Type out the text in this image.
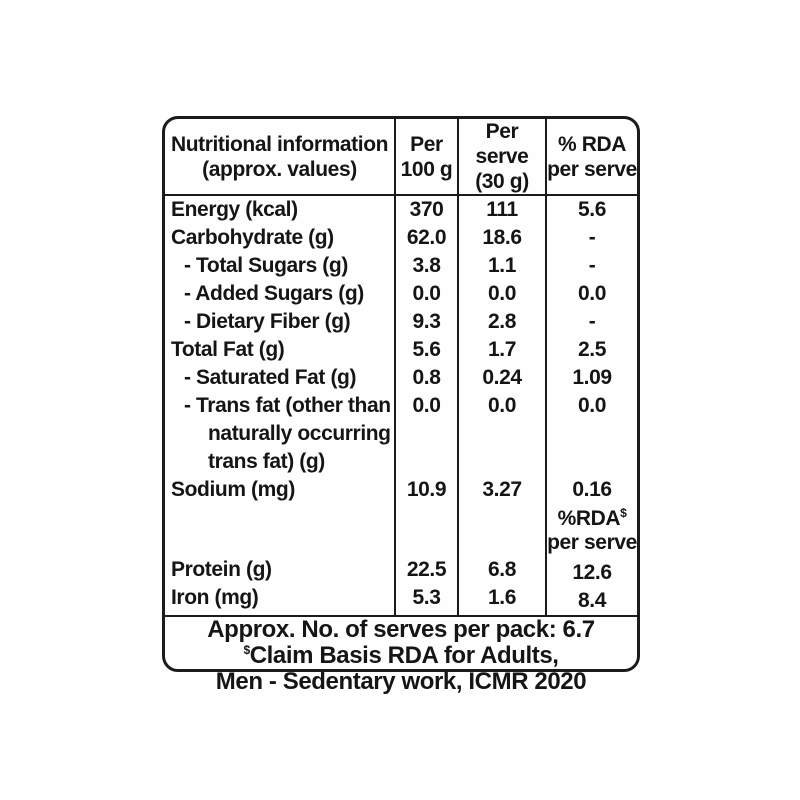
Nutritional information
(approx. values)
Per
100 g
Per serve
(30 g)
% RDA
per serve
Energy (kcal)
Carbohydrate (g)
- Total Sugars (g)
- Added Sugars (g)
- Dietary Fiber (g)
Total Fat (g)
- Saturated Fat (g)
- Trans fat (other than
naturally occurring
trans fat) (g)
Sodium (mg)
Protein (g)
Iron (mg)
370
62.0
3.8
0.0
9.3
5.6
0.8
0.0
10.9
22.5
5.3
111
18.6
1.1
0.0
2.8
1.7
0.24
0.0
3.27
6.8
1.6
5.6
-
-
0.0
-
2.5
1.09
0.0
0.16
%RDA$
per serve
12.6
8.4
Approx. No. of serves per pack: 6.7
$Claim Basis RDA for Adults,
Men - Sedentary work, ICMR 2020
